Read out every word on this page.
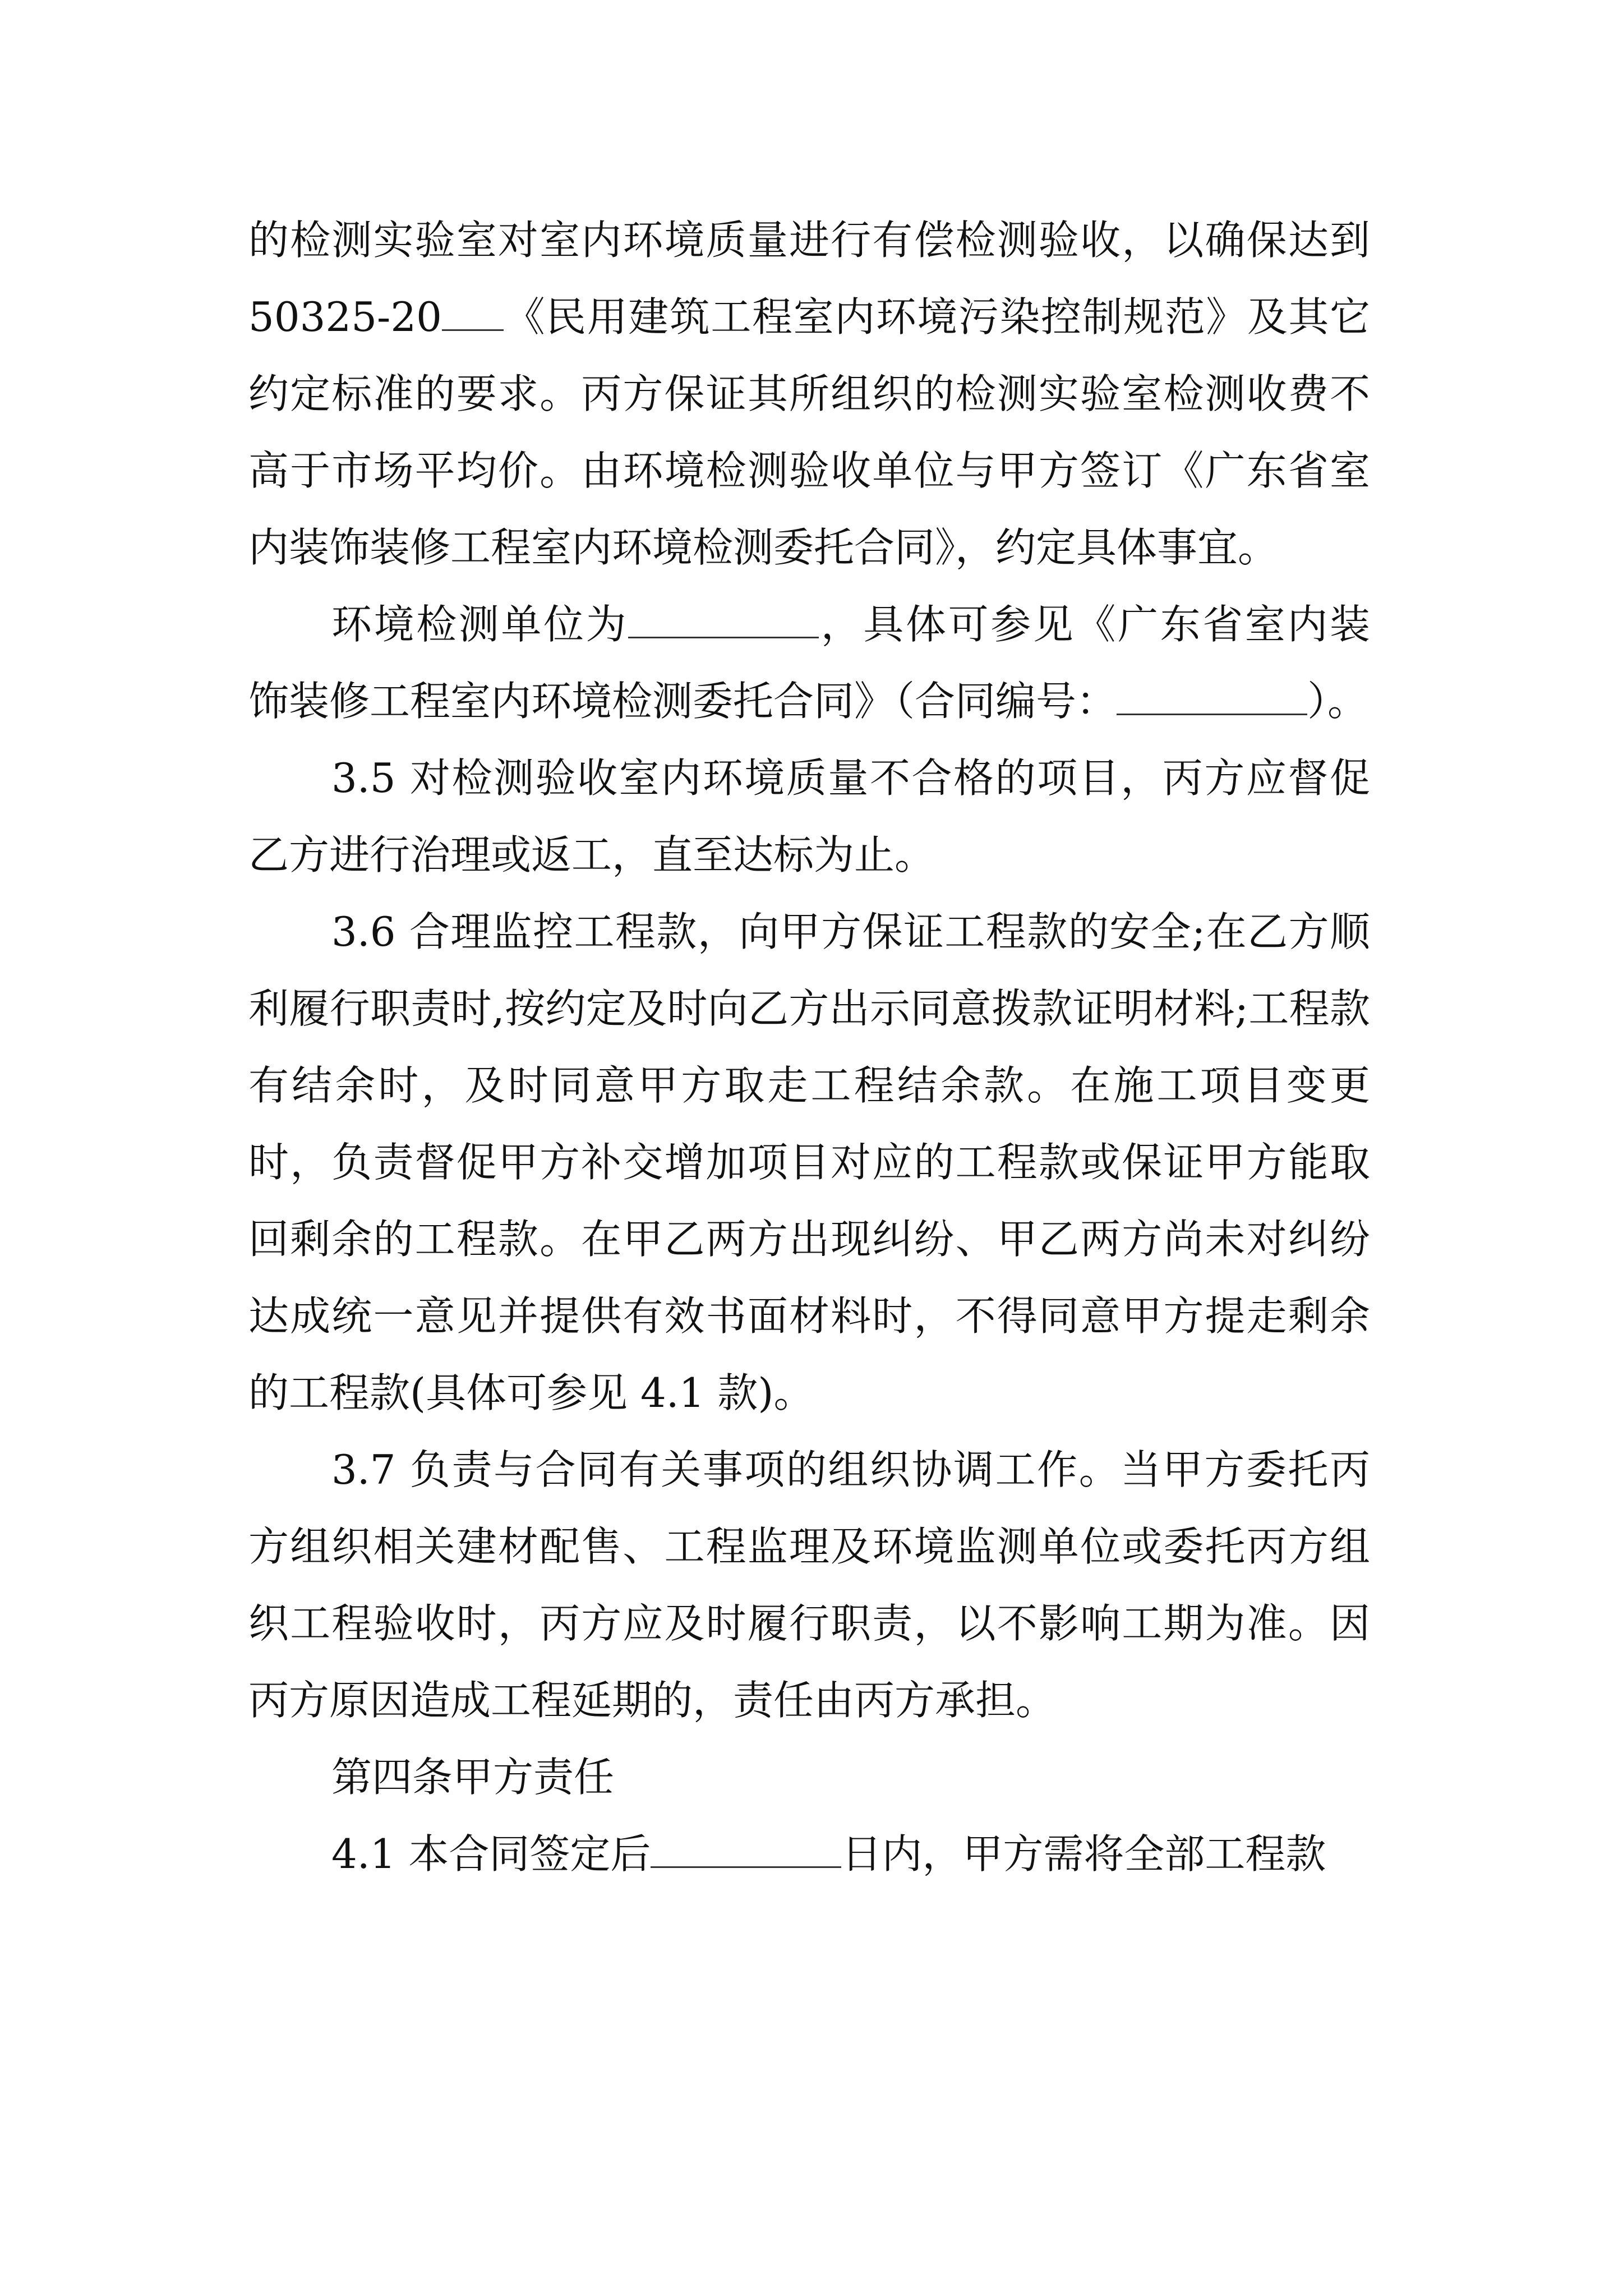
的检测实验室对室内环境质量进行有偿检测验收，以确保达到 50325-20 《民用建筑工程室内环境污染控制规范》及其它约定标准的要求。丙方保证其所组织的检测实验室检测收费不高于市场平均价。由环境检测验收单位与甲方签订《广东省室内装饰装修工程室内环境检测委托合同》，约定具体事宜。

环境检测单位为	，具体可参见《广东省室内装饰装修工程室内环境检测委托合同》（合同编号：	）。

3.5 对检测验收室内环境质量不合格的项目，丙方应督促乙方进行治理或返工，直至达标为止。

3.6 合理监控工程款，向甲方保证工程款的安全;在乙方顺利履行职责时,按约定及时向乙方出示同意拨款证明材料;工程款有结余时，及时同意甲方取走工程结余款。在施工项目变更时，负责督促甲方补交增加项目对应的工程款或保证甲方能取回剩余的工程款。在甲乙两方出现纠纷、甲乙两方尚未对纠纷达成统一意见并提供有效书面材料时，不得同意甲方提走剩余的工程款(具体可参见 4.1 款)。

3.7 负责与合同有关事项的组织协调工作。当甲方委托丙方组织相关建材配售、工程监理及环境监测单位或委托丙方组织工程验收时，丙方应及时履行职责，以不影响工期为准。因丙方原因造成工程延期的，责任由丙方承担。

第四条甲方责任

4.1 本合同签定后	日内，甲方需将全部工程款
